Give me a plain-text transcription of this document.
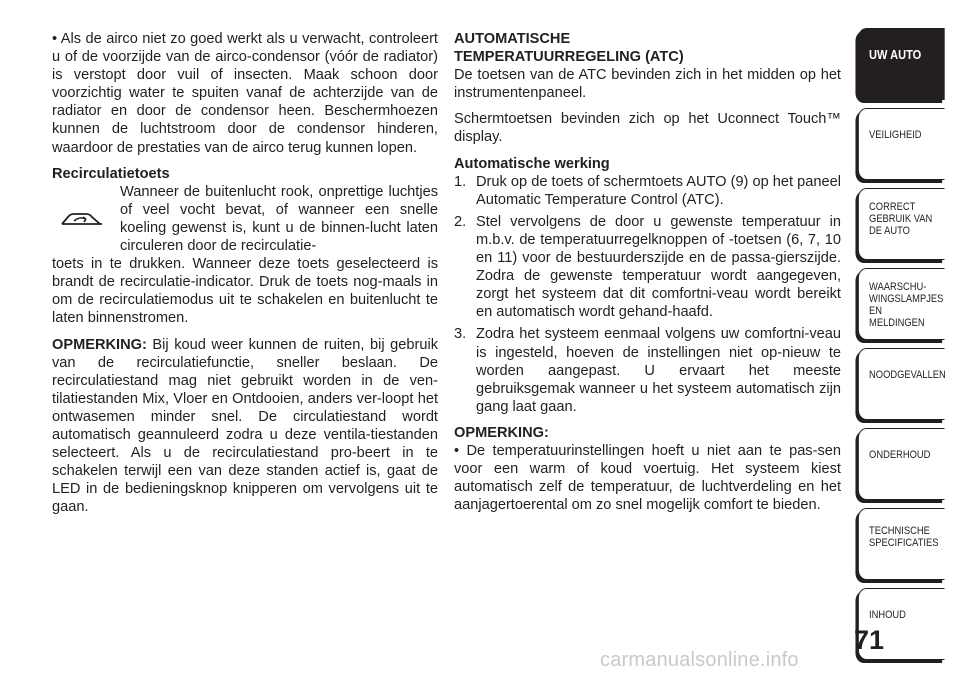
• Als de airco niet zo goed werkt als u verwacht, controleert u of de voorzijde van de airco-condensor (vóór de radiator) is verstopt door vuil of insecten. Maak schoon door voorzichtig water te spuiten vanaf de achterzijde van de radiator en door de condensor heen. Beschermhoezen kunnen de luchtstroom door de condensor hinderen, waardoor de prestaties van de airco terug kunnen lopen.

Recirculatietoets

Wanneer de buitenlucht rook, onprettige luchtjes of veel vocht bevat, of wanneer een snelle koeling gewenst is, kunt u de binnen-lucht laten circuleren door de recirculatie-

toets in te drukken. Wanneer deze toets geselecteerd is brandt de recirculatie-indicator. Druk de toets nog-maals in om de recirculatiemodus uit te schakelen en buitenlucht te laten binnenstromen.

OPMERKING: Bij koud weer kunnen de ruiten, bij gebruik van de recirculatiefunctie, sneller beslaan. De recirculatiestand mag niet gebruikt worden in de ven-tilatiestanden Mix, Vloer en Ontdooien, anders ver-loopt het ontwasemen minder snel. De circulatiestand wordt automatisch geannuleerd zodra u deze ventila-tiestanden selecteert. Als u de recirculatiestand pro-beert in te schakelen terwijl een van deze standen actief is, gaat de LED in de bedieningsknop knipperen om vervolgens uit te gaan.

AUTOMATISCHE

TEMPERATUURREGELING (ATC)

De toetsen van de ATC bevinden zich in het midden op het instrumentenpaneel.

Schermtoetsen bevinden zich op het Uconnect Touch™ display.

Automatische werking

1. Druk op de toets of schermtoets AUTO (9) op het paneel Automatic Temperature Control (ATC).
2. Stel vervolgens de door u gewenste temperatuur in m.b.v. de temperatuurregelknoppen of -toetsen (6, 7, 10 en 11) voor de bestuurderszijde en de passa-gierszijde. Zodra de gewenste temperatuur wordt aangegeven, zorgt het systeem dat dit comfortni-veau wordt bereikt en automatisch wordt gehand-haafd.
3. Zodra het systeem eenmaal volgens uw comfortni-veau is ingesteld, hoeven de instellingen niet op-nieuw te worden aangepast. U ervaart het meeste gebruiksgemak wanneer u het systeem automatisch zijn gang laat gaan.

OPMERKING:

• De temperatuurinstellingen hoeft u niet aan te pas-sen voor een warm of koud voertuig. Het systeem kiest automatisch zelf de temperatuur, de luchtverdeling en het aanjagertoerental om zo snel mogelijk comfort te bieden.

UW AUTO
VEILIGHEID
CORRECT
GEBRUIK VAN
DE AUTO
WAARSCHU-
WINGSLAMPJES
EN MELDINGEN
NOODGEVALLEN
ONDERHOUD
TECHNISCHE
SPECIFICATIES
INHOUD
71
carmanualsonline.info
